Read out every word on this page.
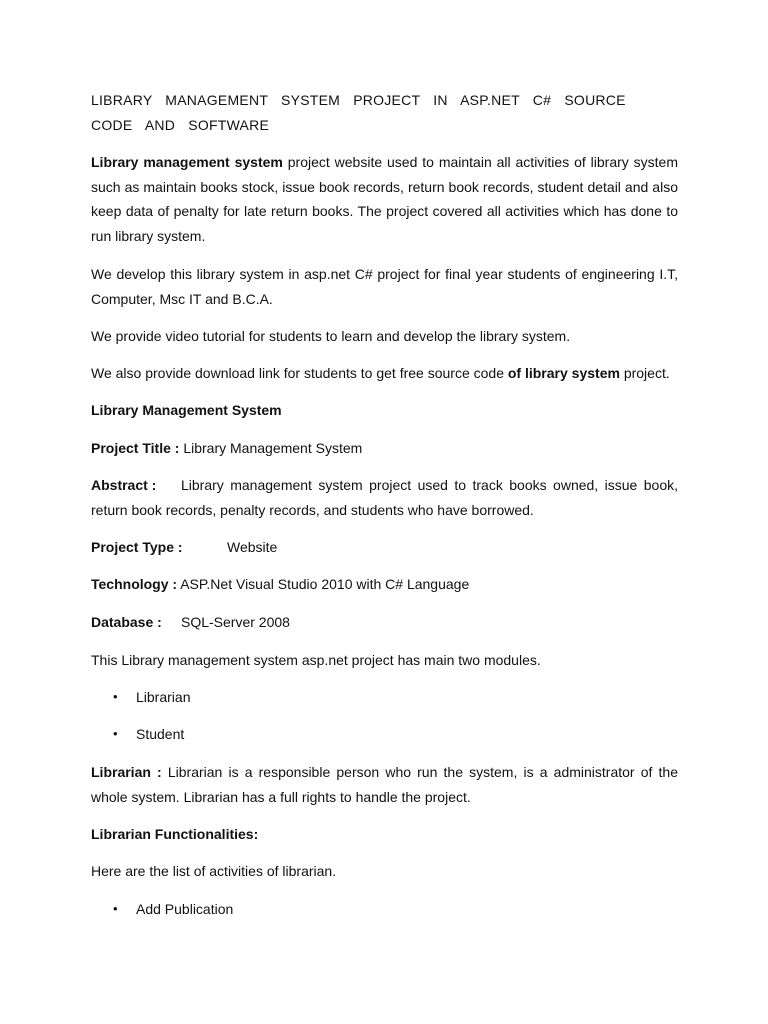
LIBRARY MANAGEMENT SYSTEM PROJECT IN ASP.NET C# SOURCE CODE AND SOFTWARE

Library management system project website used to maintain all activities of library system such as maintain books stock, issue book records, return book records, student detail and also keep data of penalty for late return books. The project covered all activities which has done to run library system.

We develop this library system in asp.net C# project for final year students of engineering I.T, Computer, Msc IT and B.C.A.

We provide video tutorial for students to learn and develop the library system.

We also provide download link for students to get free source code of library system project.

Library Management System

Project Title : Library Management System

Abstract : Library management system project used to track books owned, issue book, return book records, penalty records, and students who have borrowed.

Project Type :	Website

Technology : ASP.Net Visual Studio 2010 with C# Language

Database : SQL-Server 2008

This Library management system asp.net project has main two modules.

• Librarian
• Student

Librarian : Librarian is a responsible person who run the system, is a administrator of the whole system. Librarian has a full rights to handle the project.

Librarian Functionalities:

Here are the list of activities of librarian.

• Add Publication
